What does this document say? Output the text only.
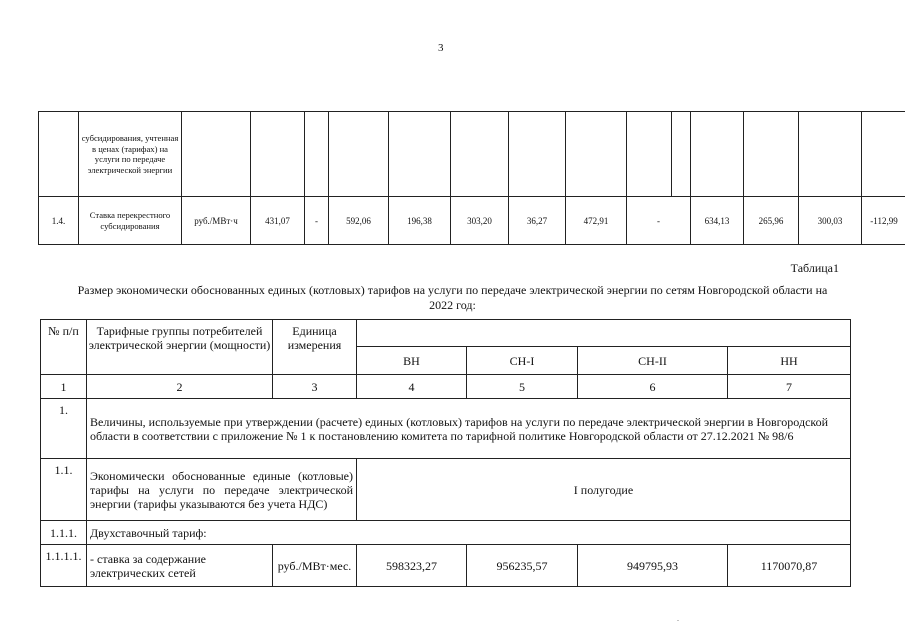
3
	субсидирования, учтенная в ценах (тарифах) на услуги по передаче электрической энергии														
1.4.	Ставка перекрестного субсидирования	руб./МВт·ч	431,07	-	592,06	196,38	303,20	36,27	472,91	-		634,13	265,96	300,03	-112,99
Таблица1
Размер экономически обоснованных единых (котловых) тарифов на услуги по передаче электрической энергии по сетям Новгородской области на 2022 год:
№ п/п	Тарифные группы потребителей электрической энергии (мощности)	Единица измерения				
			ВН	СН-I	СН-II	НН
1	2	3	4	5	6	7
1.	Величины, используемые при утверждении (расчете) единых (котловых) тарифов на услуги по передаче электрической энергии в Новгородской области в соответствии с приложение № 1 к постановлению комитета по тарифной политике Новгородской области от 27.12.2021 № 98/6					
1.1.	Экономически обоснованные единые (котловые) тарифы на услуги по передаче электрической энергии (тарифы указываются без учета НДС)		I полугодие			
1.1.1.	Двухставочный тариф:					
1.1.1.1.	- ставка за содержание электрических сетей	руб./МВт·мес.	598323,27	956235,57	949795,93	1170070,87
.
